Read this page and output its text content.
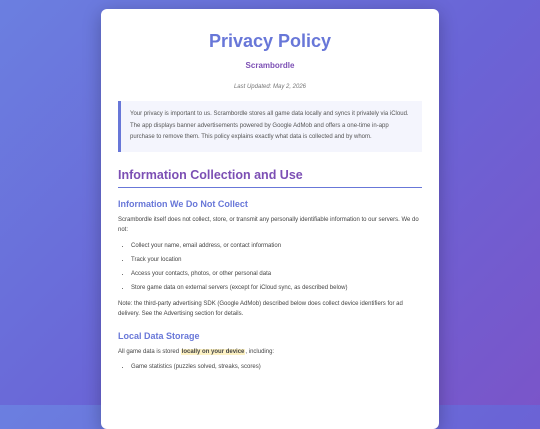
Privacy Policy
Scrambordle
Last Updated: May 2, 2026
Your privacy is important to us. Scrambordle stores all game data locally and syncs it privately via iCloud. The app displays banner advertisements powered by Google AdMob and offers a one-time in-app purchase to remove them. This policy explains exactly what data is collected and by whom.
Information Collection and Use
Information We Do Not Collect

Scrambordle itself does not collect, store, or transmit any personally identifiable information to our servers. We do not:

• Collect your name, email address, or contact information
• Track your location
• Access your contacts, photos, or other personal data
• Store game data on external servers (except for iCloud sync, as described below)

Note: the third-party advertising SDK (Google AdMob) described below does collect device identifiers for ad delivery. See the Advertising section for details.

Local Data Storage

All game data is stored locally on your device, including:

• Game statistics (puzzles solved, streaks, scores)
